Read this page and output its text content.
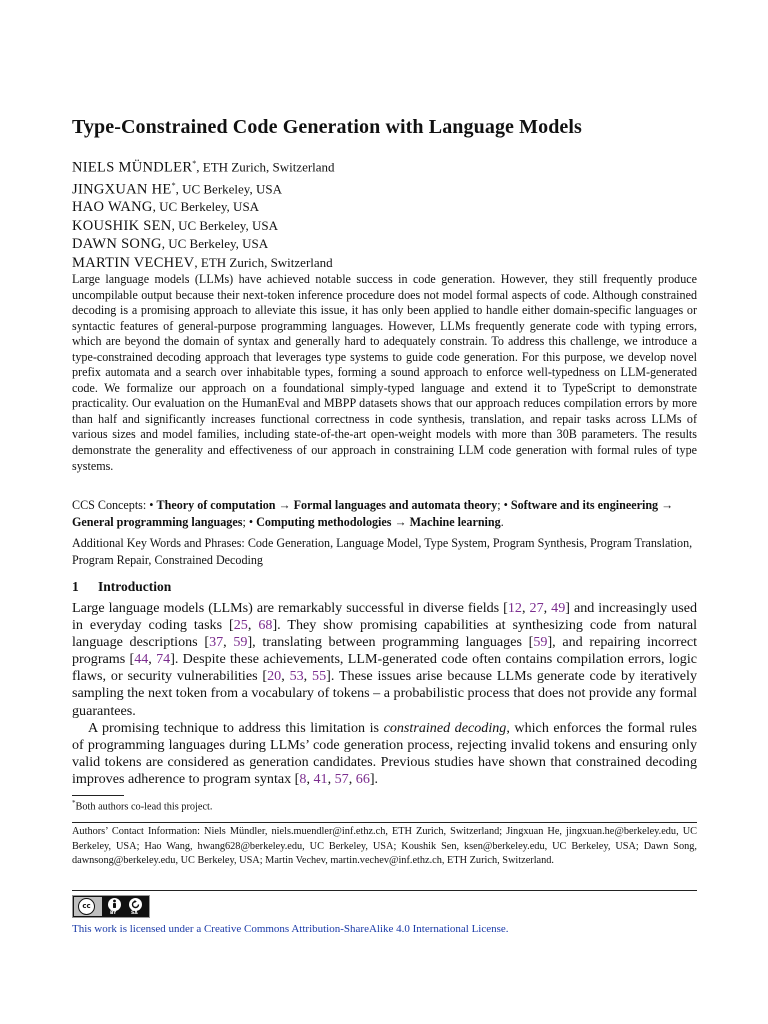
Type-Constrained Code Generation with Language Models
NIELS MÜNDLER*, ETH Zurich, Switzerland
JINGXUAN HE*, UC Berkeley, USA
HAO WANG, UC Berkeley, USA
KOUSHIK SEN, UC Berkeley, USA
DAWN SONG, UC Berkeley, USA
MARTIN VECHEV, ETH Zurich, Switzerland
Large language models (LLMs) have achieved notable success in code generation. However, they still frequently produce uncompilable output because their next-token inference procedure does not model formal aspects of code. Although constrained decoding is a promising approach to alleviate this issue, it has only been applied to handle either domain-specific languages or syntactic features of general-purpose programming languages. However, LLMs frequently generate code with typing errors, which are beyond the domain of syntax and generally hard to adequately constrain. To address this challenge, we introduce a type-constrained decoding approach that leverages type systems to guide code generation. For this purpose, we develop novel prefix automata and a search over inhabitable types, forming a sound approach to enforce well-typedness on LLM-generated code. We formalize our approach on a foundational simply-typed language and extend it to TypeScript to demonstrate practicality. Our evaluation on the HumanEval and MBPP datasets shows that our approach reduces compilation errors by more than half and significantly increases functional correctness in code synthesis, translation, and repair tasks across LLMs of various sizes and model families, including state-of-the-art open-weight models with more than 30B parameters. The results demonstrate the generality and effectiveness of our approach in constraining LLM code generation with formal rules of type systems.
CCS Concepts: • Theory of computation → Formal languages and automata theory; • Software and its engineering → General programming languages; • Computing methodologies → Machine learning.
Additional Key Words and Phrases: Code Generation, Language Model, Type System, Program Synthesis, Program Translation, Program Repair, Constrained Decoding
1 Introduction

Large language models (LLMs) are remarkably successful in diverse fields [12, 27, 49] and increasingly used in everyday coding tasks [25, 68]. They show promising capabilities at synthesizing code from natural language descriptions [37, 59], translating between programming languages [59], and repairing incorrect programs [44, 74]. Despite these achievements, LLM-generated code often contains compilation errors, logic flaws, or security vulnerabilities [20, 53, 55]. These issues arise because LLMs generate code by iteratively sampling the next token from a vocabulary of tokens – a probabilistic process that does not provide any formal guarantees.

A promising technique to address this limitation is constrained decoding, which enforces the formal rules of programming languages during LLMs’ code generation process, rejecting invalid tokens and ensuring only valid tokens are considered as generation candidates. Previous studies have shown that constrained decoding improves adherence to program syntax [8, 41, 57, 66].

*Both authors co-lead this project.
Authors’ Contact Information: Niels Mündler, niels.muendler@inf.ethz.ch, ETH Zurich, Switzerland; Jingxuan He, jingxuan.he@berkeley.edu, UC Berkeley, USA; Hao Wang, hwang628@berkeley.edu, UC Berkeley, USA; Koushik Sen, ksen@berkeley.edu, UC Berkeley, USA; Dawn Song, dawnsong@berkeley.edu, UC Berkeley, USA; Martin Vechev, martin.vechev@inf.ethz.ch, ETH Zurich, Switzerland.
cc
BY	SA
This work is licensed under a Creative Commons Attribution-ShareAlike 4.0 International License.
